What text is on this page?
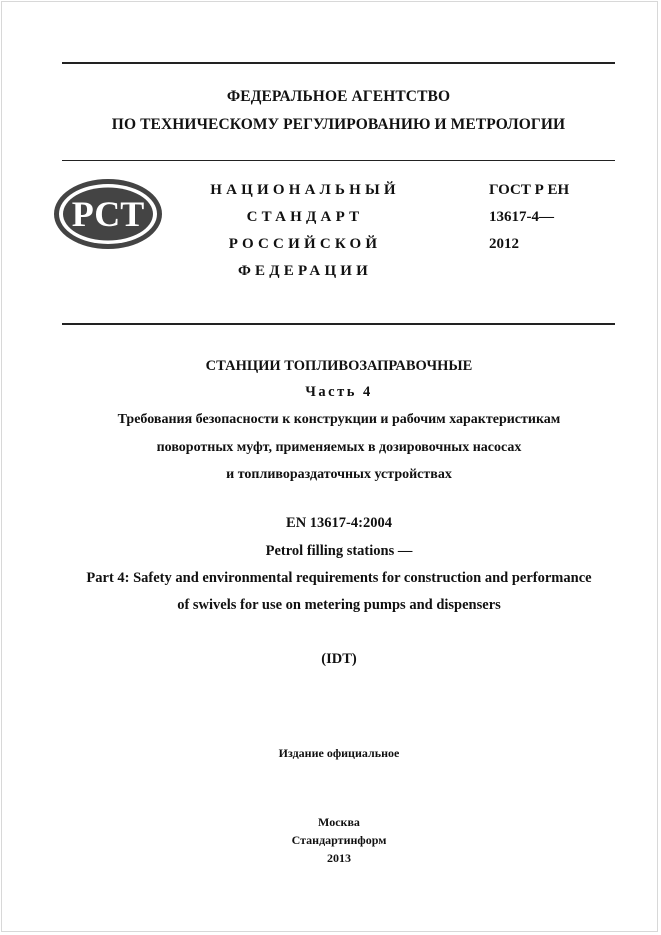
ФЕДЕРАЛЬНОЕ АГЕНТСТВО
ПО ТЕХНИЧЕСКОМУ РЕГУЛИРОВАНИЮ И МЕТРОЛОГИИ
РСТ
НАЦИОНАЛЬНЫЙ
СТАНДАРТ
РОССИЙСКОЙ
ФЕДЕРАЦИИ
ГОСТ Р ЕН
13617-4—
2012
СТАНЦИИ ТОПЛИВОЗАПРАВОЧНЫЕ
Часть 4
Требования безопасности к конструкции и рабочим характеристикам
поворотных муфт, применяемых в дозировочных насосах
и топливораздаточных устройствах
EN 13617-4:2004
Petrol filling stations —
Part 4: Safety and environmental requirements for construction and performance
of swivels for use on metering pumps and dispensers
(IDT)
Издание официальное
Москва
Стандартинформ
2013
